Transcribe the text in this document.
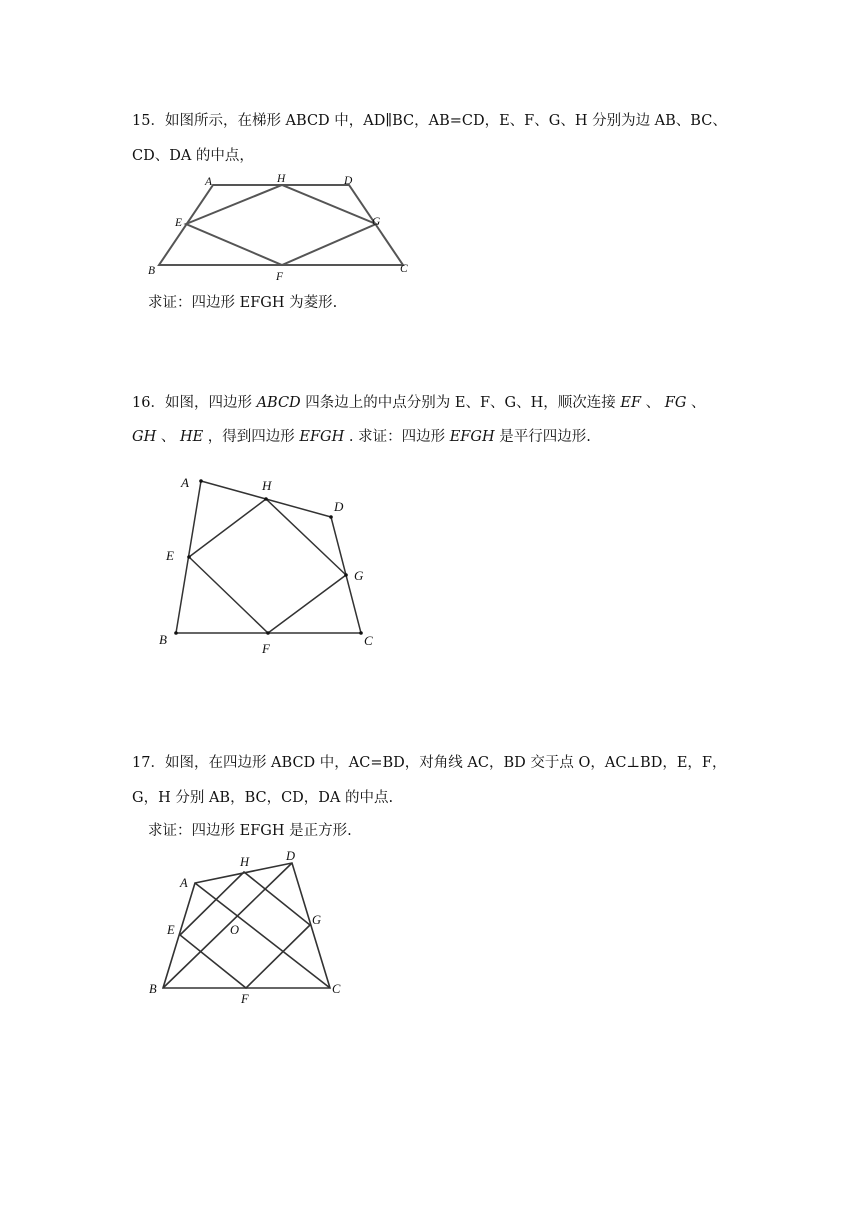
15．如图所示，在梯形 ABCD 中，AD∥BC，AB=CD，E、F、G、H 分别为边 AB、BC、
CD、DA 的中点，
A	H	D
E	G
B	F
C
求证：四边形 EFGH 为菱形.
16．如图，四边形 ABCD 四条边上的中点分别为 E、F、G、H，顺次连接 EF 、 FG 、
GH 、 HE ，得到四边形 EFGH . 求证：四边形 EFGH 是平行四边形.
A	H
D
E
G
B
F
C
17．如图，在四边形 ABCD 中，AC=BD，对角线 AC，BD 交于点 O，AC⊥BD，E，F，
G，H 分别 AB，BC，CD，DA 的中点.
求证：四边形 EFGH 是正方形.
A
H	D
E	O
G
B
F
C
